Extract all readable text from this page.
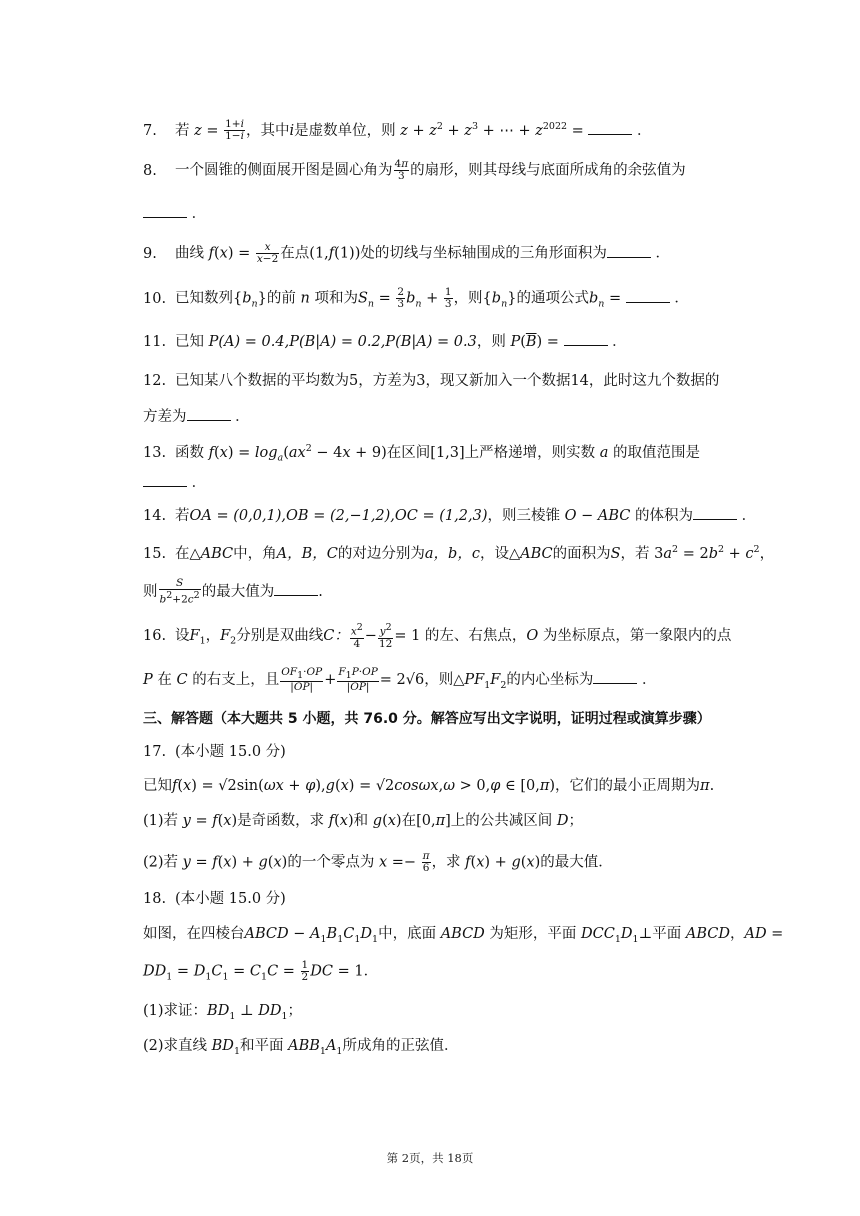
7. 若 $z = \frac{1+i}{1-i}$ ，其中i是虚数单位，则 $z + z^2 + z^3$ + ⋯ + $z^{2022}$ =	．
8. 一个圆锥的侧面展开图是圆心角为 $\frac{4\pi}{3}$ 的扇形，则其母线与底面所成角的余弦值为
．
9. 曲线 $f(x) = \frac{x}{x-2}$ 在点(1,f(1))处的切线与坐标轴围成的三角形面积为	．
10. 已知数列$\{b_n\}$的前 n 项和为$S_n = \frac{2}{3} b_n + \frac{1}{3}$ ，则$\{b_n\}$的通项公式$b_n$ =	．
11. 已知 P(A) = 0.4,P(B|A) = 0.2,P(B|A) = 0.3，则 $P(\overline{B})$ =	．
12. 已知某八个数据的平均数为5，方差为3，现又新加入一个数据14，此时这九个数据的
方差为	．
13. 函数 $f(x) = \log_a(ax^2 - 4x + 9)$在区间[1,3]上严格递增，则实数 a 的取值范围是
．
14. 若OA = (0,0,1),OB = (2,−1,2),OC = (1,2,3)，则三棱锥 O − ABC 的体积为	．
15. 在△ABC中，角A，B，C的对边分别为a，b，c，设△ABC的面积为S，若 $3a^2 = 2b^2 + c^2$，
则 $\frac{S}{b^2+2c^2}$ 的最大值为	.
16. 设$F_1$，$F_2$分别是双曲线C： $\frac{x^2}{4} - \frac{y^2}{12} = 1$ 的左、右焦点，O 为坐标原点，第一象限内的点
P 在 C 的右支上，且 $\frac{OF_1\cdot OP}{|OP|} + \frac{F_1P\cdot OP}{|OP|} = 2√6$，则$\triangle PF_1F_2$的内心坐标为	．
三、解答题（本大题共 5 小题，共 76.0 分。解答应写出文字说明，证明过程或演算步骤）
17. (本小题 15.0 分)
已知f(x) = √2sin(ωx + φ),g(x) = √2cosωx,ω > 0,φ ∈ [0,π)，它们的最小正周期为π.
(1)若 y = f(x)是奇函数，求 f(x)和 g(x)在[0,π]上的公共减区间 D；
(2)若 y = f(x) + g(x)的一个零点为 $x =- \frac{\pi}{6}$ ，求 f(x) + g(x)的最大值．
18. (本小题 15.0 分)
如图，在四棱台ABCD − $A_1B_1C_1D_1$中，底面 ABCD 为矩形，平面 $DCC_1D_1\perp$平面 ABCD，AD =
$DD_1 = D_1C_1 = C_1C = \frac{1}{2}$ DC = 1．
(1)求证：$BD_1$ ⊥ $DD_1$；
(2)求直线 $BD_1$和平面 $ABB_1A_1$所成角的正弦值．
第 2页，共 18页
